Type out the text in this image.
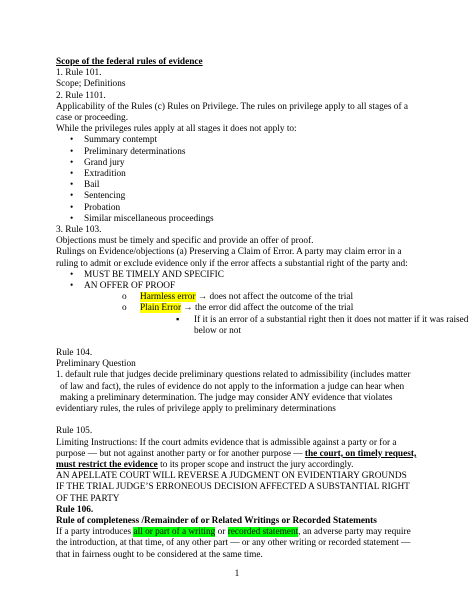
Scope of the federal rules of evidence
1. Rule 101.
Scope; Definitions
2. Rule 1101.
Applicability of the Rules (c) Rules on Privilege. The rules on privilege apply to all stages of a
case or proceeding.
While the privileges rules apply at all stages it does not apply to:
• Summary contempt
• Preliminary determinations
• Grand jury
• Extradition
• Bail
• Sentencing
• Probation
• Similar miscellaneous proceedings
3. Rule 103.
Objections must be timely and specific and provide an offer of proof.
Rulings on Evidence/objections (a) Preserving a Claim of Error. A party may claim error in a
ruling to admit or exclude evidence only if the error affects a substantial right of the party and:
• MUST BE TIMELY AND SPECIFIC
• AN OFFER OF PROOF
o Harmless error → does not affect the outcome of the trial
o Plain Error → the error did affect the outcome of the trial
▪ If it is an error of a substantial right then it does not matter if it was raised
below or not
Rule 104.
Preliminary Question
1. default rule that judges decide preliminary questions related to admissibility (includes matter
of law and fact), the rules of evidence do not apply to the information a judge can hear when
making a preliminary determination. The judge may consider ANY evidence that violates
evidentiary rules, the rules of privilege apply to preliminary determinations
Rule 105.
Limiting Instructions: If the court admits evidence that is admissible against a party or for a
purpose — but not against another party or for another purpose — the court, on timely request,
must restrict the evidence to its proper scope and instruct the jury accordingly.
AN APELLATE COURT WILL REVERSE A JUDGMENT ON EVIDENTIARY GROUNDS
IF THE TRIAL JUDGE’S ERRONEOUS DECISION AFFECTED A SUBSTANTIAL RIGHT
OF THE PARTY
Rule 106.
Rule of completeness /Remainder of or Related Writings or Recorded Statements
If a party introduces all or part of a writing or recorded statement, an adverse party may require
the introduction, at that time, of any other part — or any other writing or recorded statement —
that in fairness ought to be considered at the same time.
1
